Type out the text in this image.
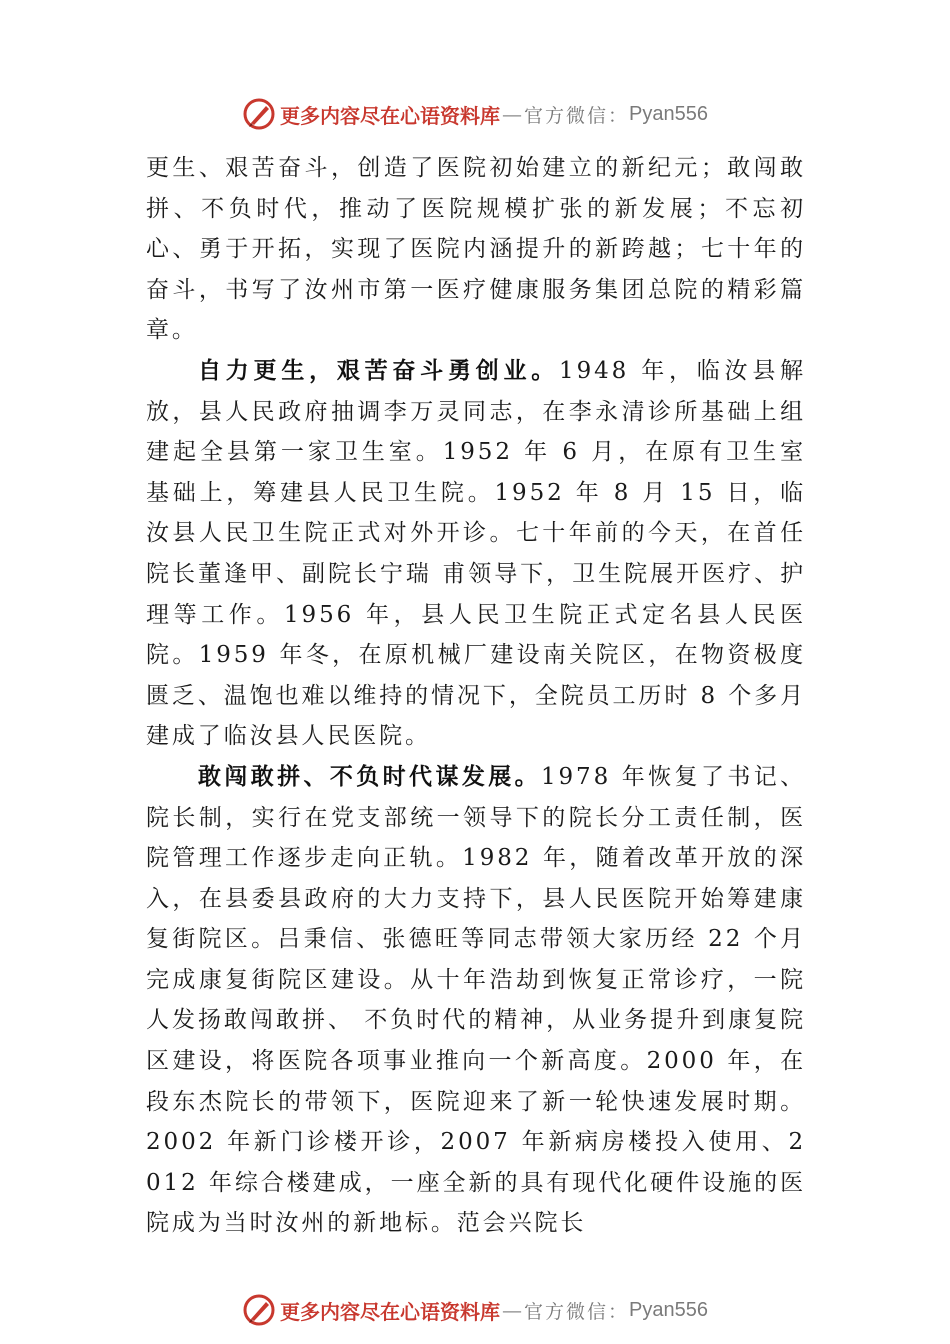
更多内容尽在心语资料库 — 官方微信： Pyan556

更生、艰苦奋斗，创造了医院初始建立的新纪元；敢闯敢拼、不负时代，推动了医院规模扩张的新发展；不忘初心、勇于开拓，实现了医院内涵提升的新跨越；七十年的奋斗，书写了汝州市第一医疗健康服务集团总院的精彩篇章。

自力更生，艰苦奋斗勇创业。1948 年，临汝县解放，县人民政府抽调李万灵同志，在李永清诊所基础上组建起全县第一家卫生室。1952 年 6 月，在原有卫生室基础上，筹建县人民卫生院。1952 年 8 月 15 日，临汝县人民卫生院正式对外开诊。七十年前的今天，在首任院长董逢甲、副院长宁瑞 甫领导下，卫生院展开医疗、护理等工作。1956 年，县人民卫生院正式定名县人民医院。1959 年冬，在原机械厂建设南关院区，在物资极度匮乏、温饱也难以维持的情况下，全院员工历时 8 个多月建成了临汝县人民医院。

敢闯敢拼、不负时代谋发展。1978 年恢复了书记、院长制，实行在党支部统一领导下的院长分工责任制，医院管理工作逐步走向正轨。1982 年，随着改革开放的深入，在县委县政府的大力支持下，县人民医院开始筹建康复街院区。吕秉信、张德旺等同志带领大家历经 22 个月完成康复街院区建设。从十年浩劫到恢复正常诊疗，一院人发扬敢闯敢拼、 不负时代的精神，从业务提升到康复院区建设，将医院各项事业推向一个新高度。2000 年，在段东杰院长的带领下，医院迎来了新一轮快速发展时期。2002 年新门诊楼开诊，2007 年新病房楼投入使用、2012 年综合楼建成，一座全新的具有现代化硬件设施的医院成为当时汝州的新地标。范会兴院长

更多内容尽在心语资料库 — 官方微信： Pyan556
